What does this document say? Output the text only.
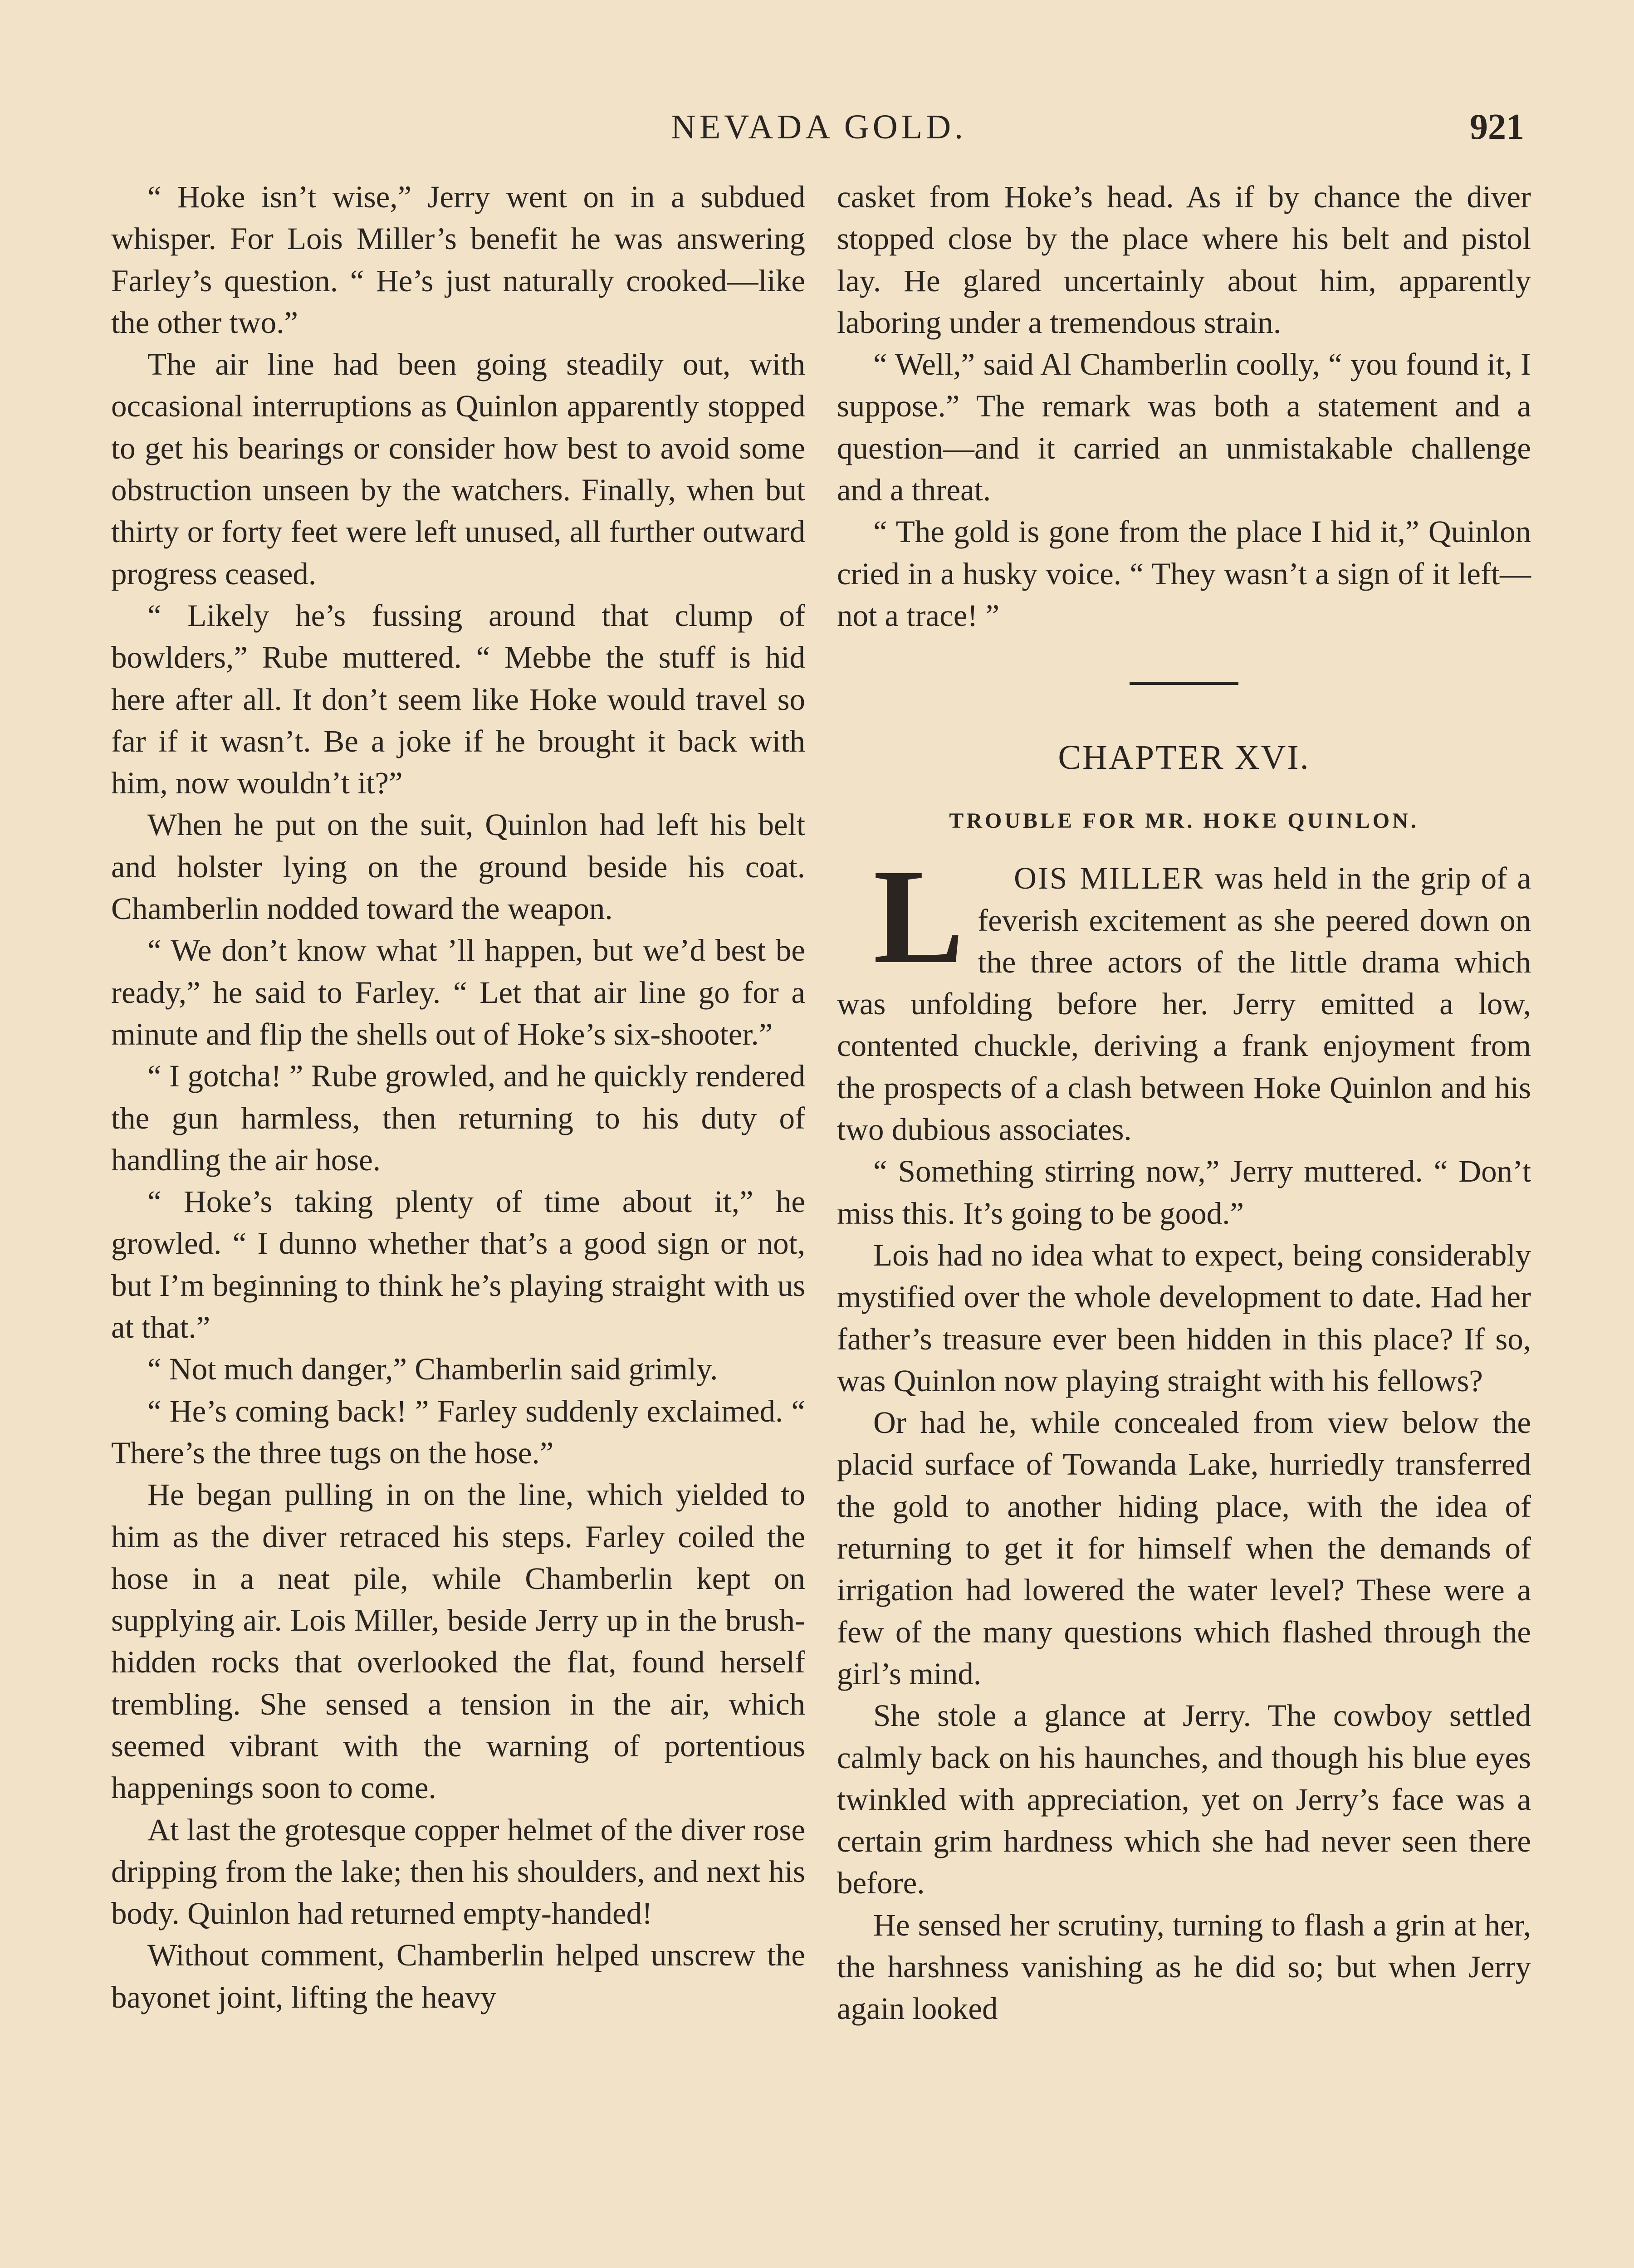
NEVADA GOLD.	921

“ Hoke isn’t wise,” Jerry went on in a subdued whisper. For Lois Miller’s benefit he was answering Farley’s question. “ He’s just naturally crooked—like the other two.”

The air line had been going steadily out, with occasional interruptions as Quinlon apparently stopped to get his bearings or consider how best to avoid some obstruction unseen by the watchers. Finally, when but thirty or forty feet were left unused, all further outward progress ceased.

“ Likely he’s fussing around that clump of bowlders,” Rube muttered. “ Mebbe the stuff is hid here after all. It don’t seem like Hoke would travel so far if it wasn’t. Be a joke if he brought it back with him, now wouldn’t it?”

When he put on the suit, Quinlon had left his belt and holster lying on the ground beside his coat. Chamberlin nodded toward the weapon.

“ We don’t know what ’ll happen, but we’d best be ready,” he said to Farley. “ Let that air line go for a minute and flip the shells out of Hoke’s six-shooter.”

“ I gotcha! ” Rube growled, and he quickly rendered the gun harmless, then returning to his duty of handling the air hose.

“ Hoke’s taking plenty of time about it,” he growled. “ I dunno whether that’s a good sign or not, but I’m beginning to think he’s playing straight with us at that.”

“ Not much danger,” Chamberlin said grimly.

“ He’s coming back! ” Farley suddenly exclaimed. “ There’s the three tugs on the hose.”

He began pulling in on the line, which yielded to him as the diver retraced his steps. Farley coiled the hose in a neat pile, while Chamberlin kept on supplying air. Lois Miller, beside Jerry up in the brush-hidden rocks that overlooked the flat, found herself trembling. She sensed a tension in the air, which seemed vibrant with the warning of portentious happenings soon to come.

At last the grotesque copper helmet of the diver rose dripping from the lake; then his shoulders, and next his body. Quinlon had returned empty-handed!

Without comment, Chamberlin helped unscrew the bayonet joint, lifting the heavy

casket from Hoke’s head. As if by chance the diver stopped close by the place where his belt and pistol lay. He glared uncertainly about him, apparently laboring under a tremendous strain.

“ Well,” said Al Chamberlin coolly, “ you found it, I suppose.” The remark was both a statement and a question—and it carried an unmistakable challenge and a threat.

“ The gold is gone from the place I hid it,” Quinlon cried in a husky voice. “ They wasn’t a sign of it left—not a trace! ”

CHAPTER XVI.
TROUBLE FOR MR. HOKE QUINLON.

L OIS MILLER was held in the grip of a feverish excitement as she peered down on the three actors of the little drama which was unfolding before her. Jerry emitted a low, contented chuckle, deriving a frank enjoyment from the prospects of a clash between Hoke Quinlon and his two dubious associates.

“ Something stirring now,” Jerry muttered. “ Don’t miss this. It’s going to be good.”

Lois had no idea what to expect, being considerably mystified over the whole development to date. Had her father’s treasure ever been hidden in this place? If so, was Quinlon now playing straight with his fellows?

Or had he, while concealed from view below the placid surface of Towanda Lake, hurriedly transferred the gold to another hiding place, with the idea of returning to get it for himself when the demands of irrigation had lowered the water level? These were a few of the many questions which flashed through the girl’s mind.

She stole a glance at Jerry. The cowboy settled calmly back on his haunches, and though his blue eyes twinkled with appreciation, yet on Jerry’s face was a certain grim hardness which she had never seen there before.

He sensed her scrutiny, turning to flash a grin at her, the harshness vanishing as he did so; but when Jerry again looked
